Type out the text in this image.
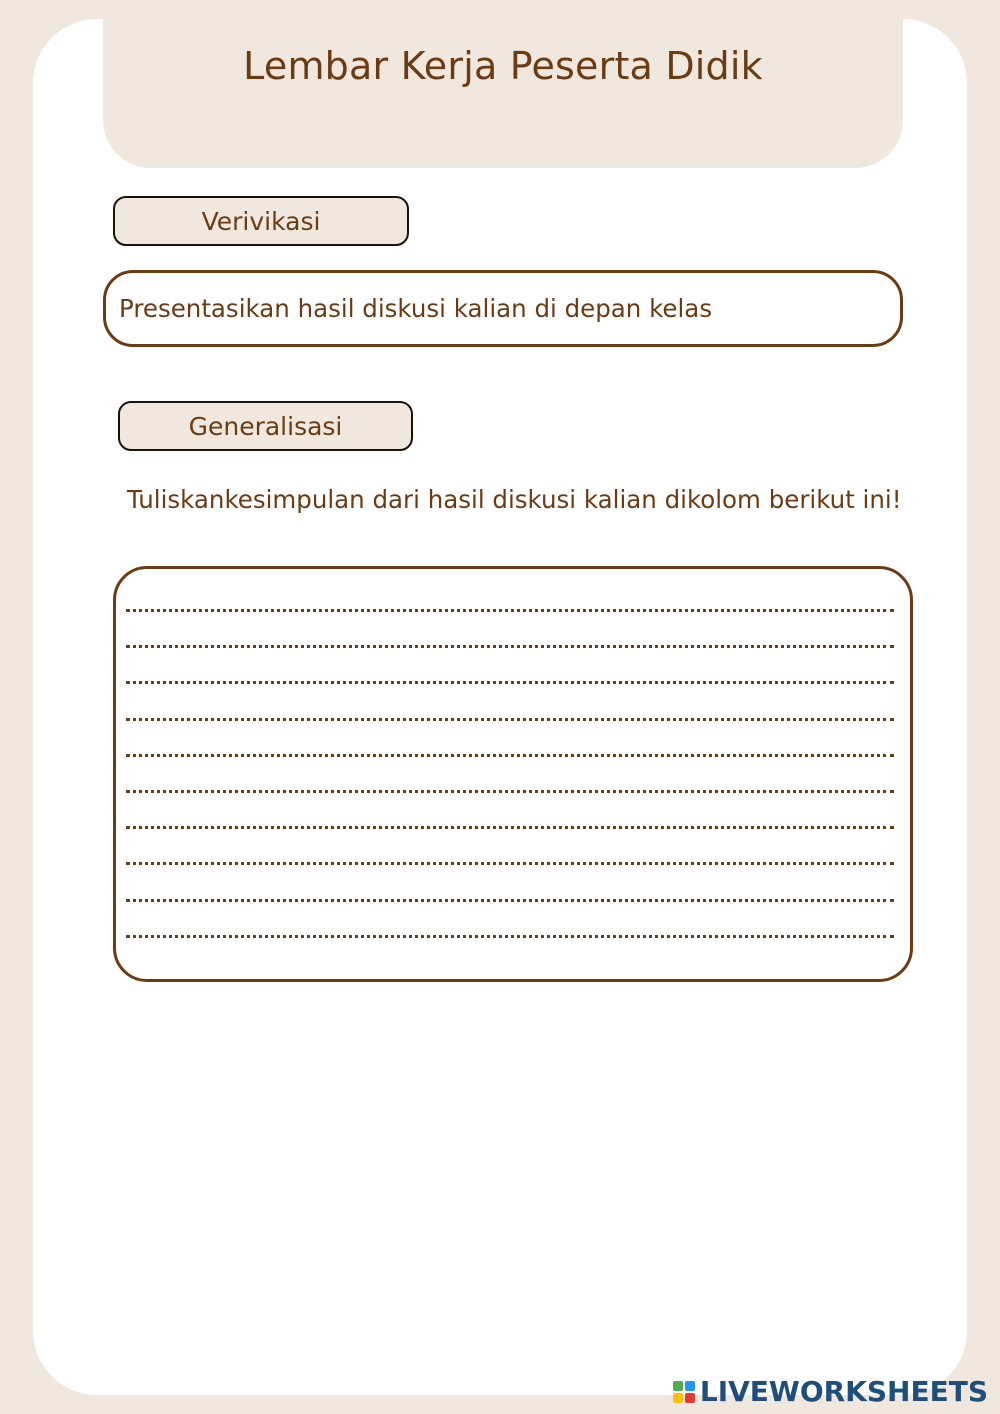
Lembar Kerja Peserta Didik
Verivikasi
Presentasikan hasil diskusi kalian di depan kelas
Generalisasi
Tuliskankesimpulan dari hasil diskusi kalian dikolom berikut ini!
LIVEWORKSHEETS
